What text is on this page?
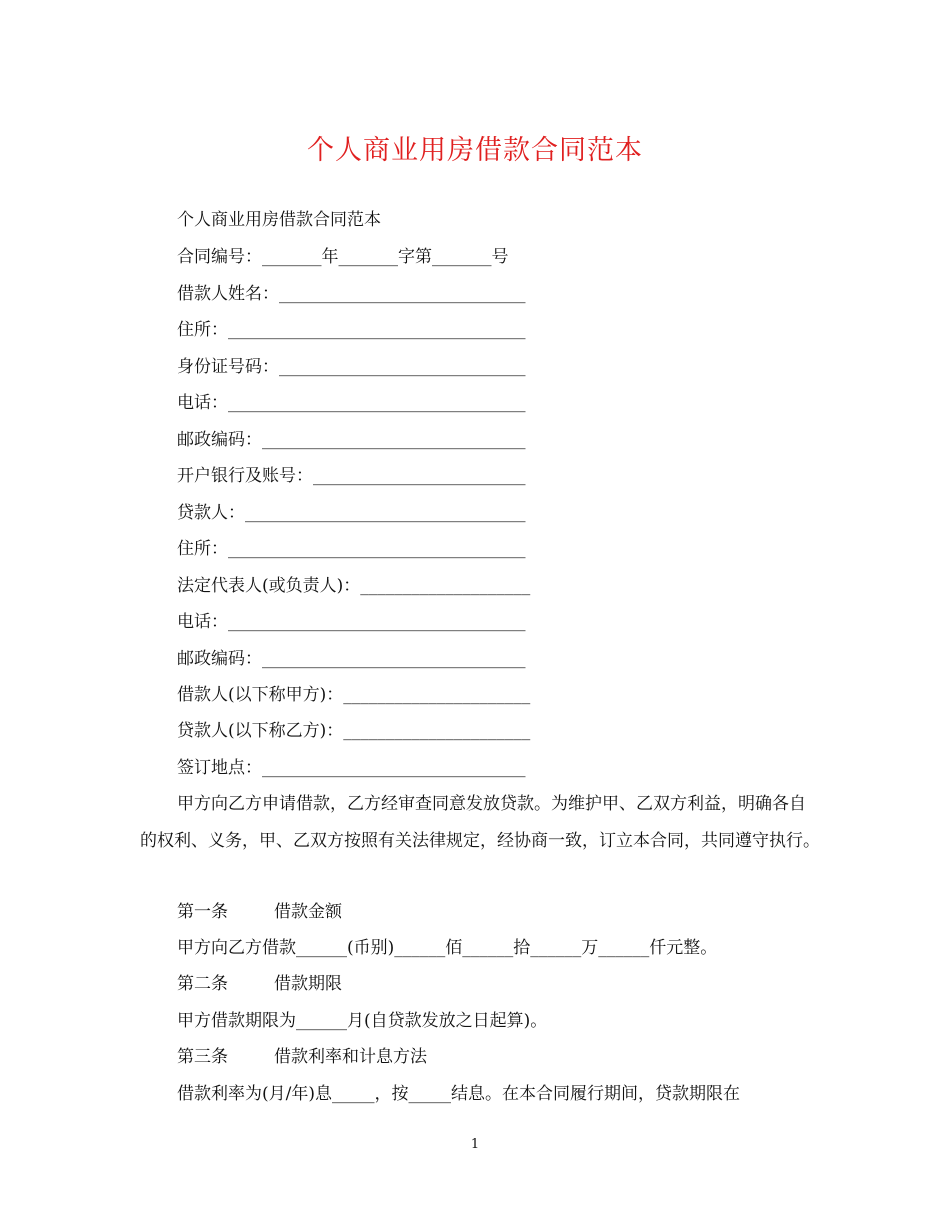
个人商业用房借款合同范本
个人商业用房借款合同范本
合同编号：_______年_______字第_______号
借款人姓名：_____________________________
住所：___________________________________
身份证号码：_____________________________
电话：___________________________________
邮政编码：_______________________________
开户银行及账号：_________________________
贷款人：_________________________________
住所：___________________________________
法定代表人(或负责人)：____________________
电话：___________________________________
邮政编码：_______________________________
借款人(以下称甲方)：______________________
贷款人(以下称乙方)：______________________
签订地点：_______________________________
甲方向乙方申请借款，乙方经审查同意发放贷款。为维护甲、乙双方利益，明确各自的权利、义务，甲、乙双方按照有关法律规定，经协商一致，订立本合同，共同遵守执行。
第一条	借款金额
甲方向乙方借款______(币别)______佰______拾______万______仟元整。
第二条	借款期限
甲方借款期限为______月(自贷款发放之日起算)。
第三条	借款利率和计息方法
借款利率为(月/年)息_____，按_____结息。在本合同履行期间，贷款期限在
1
